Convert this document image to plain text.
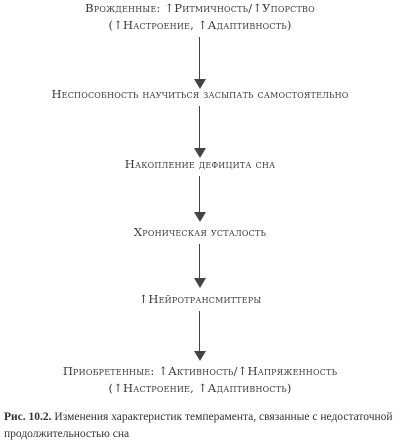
Врожденные: ↑Ритмичность/↑Упорство
(↑Настроение, ↑Адаптивность)
Неспособность научиться засыпать самостоятельно
Накопление дефицита сна
Хроническая усталость
↑Нейротрансмиттеры
Приобретенные: ↑Активность/↑Напряженность
(↑Настроение, ↑Адаптивность)
Рис. 10.2. Изменения характеристик темперамента, связанные с недостаточной продолжительностью сна
